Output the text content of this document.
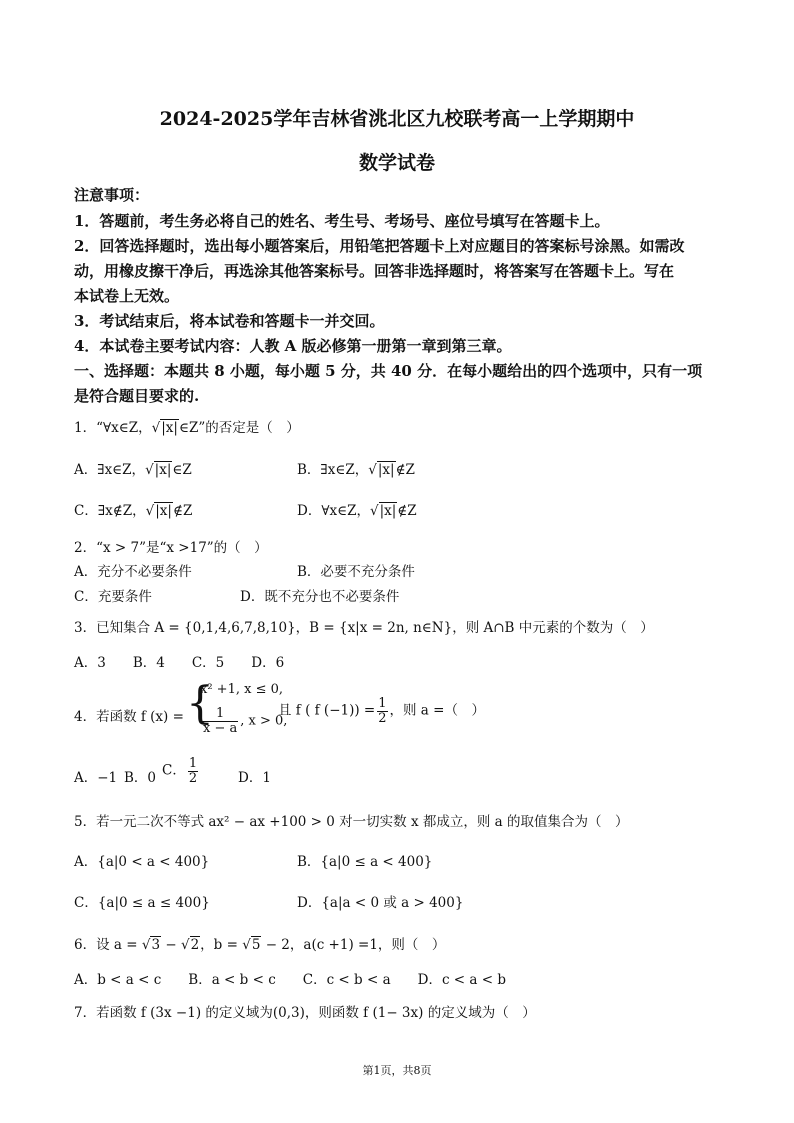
2024-2025学年吉林省洮北区九校联考高一上学期期中
数学试卷
注意事项：
1．答题前，考生务必将自己的姓名、考生号、考场号、座位号填写在答题卡上。
2．回答选择题时，选出每小题答案后，用铅笔把答题卡上对应题目的答案标号涂黑。如需改
动，用橡皮擦干净后，再选涂其他答案标号。回答非选择题时，将答案写在答题卡上。写在
本试卷上无效。
3．考试结束后，将本试卷和答题卡一并交回。
4．本试卷主要考试内容：人教 A 版必修第一册第一章到第三章。
一、选择题：本题共 8 小题，每小题 5 分，共 40 分．在每小题给出的四个选项中，只有一项
是符合题目要求的.
1．“∀x∈Z，√|x|∈Z”的否定是（　）
A．∃x∈Z，√|x|∈Z	B．∃x∈Z，√|x|∉Z
C．∃x∉Z，√|x|∉Z	D．∀x∈Z，√|x|∉Z
2．“x > 7”是“x >17”的（　）
A．充分不必要条件	B．必要不充分条件
C．充要条件	D．既不充分也不必要条件
3．已知集合 A = {0,1,4,6,7,8,10}，B = {x|x = 2n, n∈N}，则 A∩B 中元素的个数为（　）
A．3　　B．4　　C．5　　D．6
4．若函数 f (x) = {
x² +1, x ≤ 0,
$\frac{1}{x - a}$ , x > 0,
且 f ( f $(-1)) = \frac{1}{2}$ ，则 a =（　）
A．−1 B．0 C． $\frac{1}{2}$	D．1
5．若一元二次不等式 ax² − ax +100 > 0 对一切实数 x 都成立，则 a 的取值集合为（　）
A．{a|0 < a < 400}	B．{a|0 ≤ a < 400}
C．{a|0 ≤ a ≤ 400}	D．{a|a < 0 或 a > 400}
6．设 a = √3 − √2，b = √5 − 2，a(c +1) =1，则（　）
A．b < a < c　　B．a < b < c　　C．c < b < a　　D．c < a < b
7．若函数 f (3x −1) 的定义域为(0,3)，则函数 f (1− 3x) 的定义域为（　）
第1页，共8页
